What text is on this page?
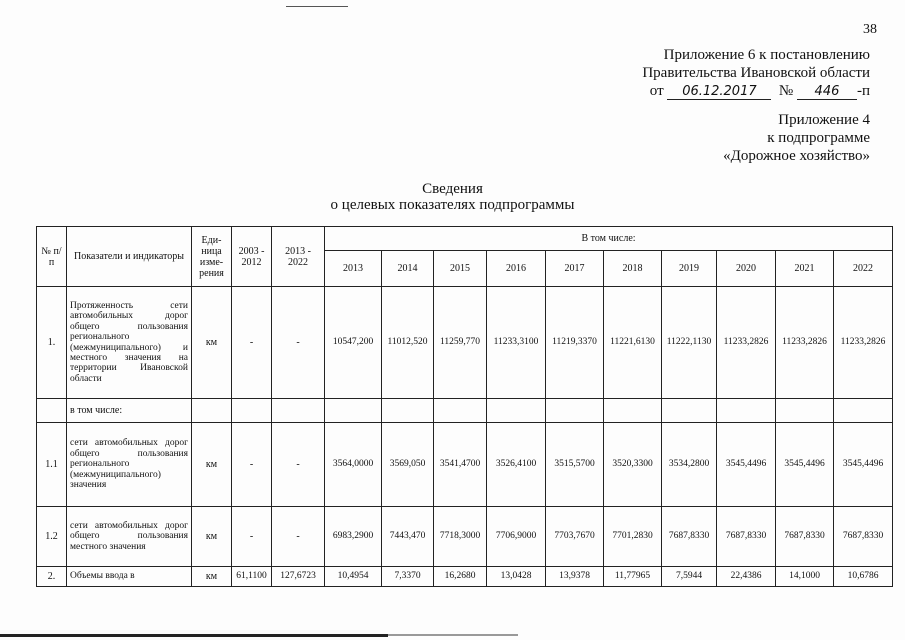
38
Приложение 6 к постановлению
Правительства Ивановской области
от 06.12.2017 № 446 -п
Приложение 4
к подпрограмме
«Дорожное хозяйство»
Сведения
о целевых показателях подпрограммы
№ п/п	Показатели и индикаторы	Еди-ница изме-рения	2003 - 2012	2013 - 2022	В том числе:									
					2013	2014	2015	2016	2017	2018	2019	2020	2021	2022
1.	Протяженность сети автомобильных дорог общего пользования регионального (межмуниципального) и местного значения на территории Ивановской области	км	-	-	10547,200	11012,520	11259,770	11233,3100	11219,3370	11221,6130	11222,1130	11233,2826	11233,2826	11233,2826
	в том числе:													
1.1	сети автомобильных дорог общего пользования регионального (межмуниципального) значения	км	-	-	3564,0000	3569,050	3541,4700	3526,4100	3515,5700	3520,3300	3534,2800	3545,4496	3545,4496	3545,4496
1.2	сети автомобильных дорог общего пользования местного значения	км	-	-	6983,2900	7443,470	7718,3000	7706,9000	7703,7670	7701,2830	7687,8330	7687,8330	7687,8330	7687,8330
2.	Объемы ввода в	км	61,1100	127,6723	10,4954	7,3370	16,2680	13,0428	13,9378	11,77965	7,5944	22,4386	14,1000	10,6786
